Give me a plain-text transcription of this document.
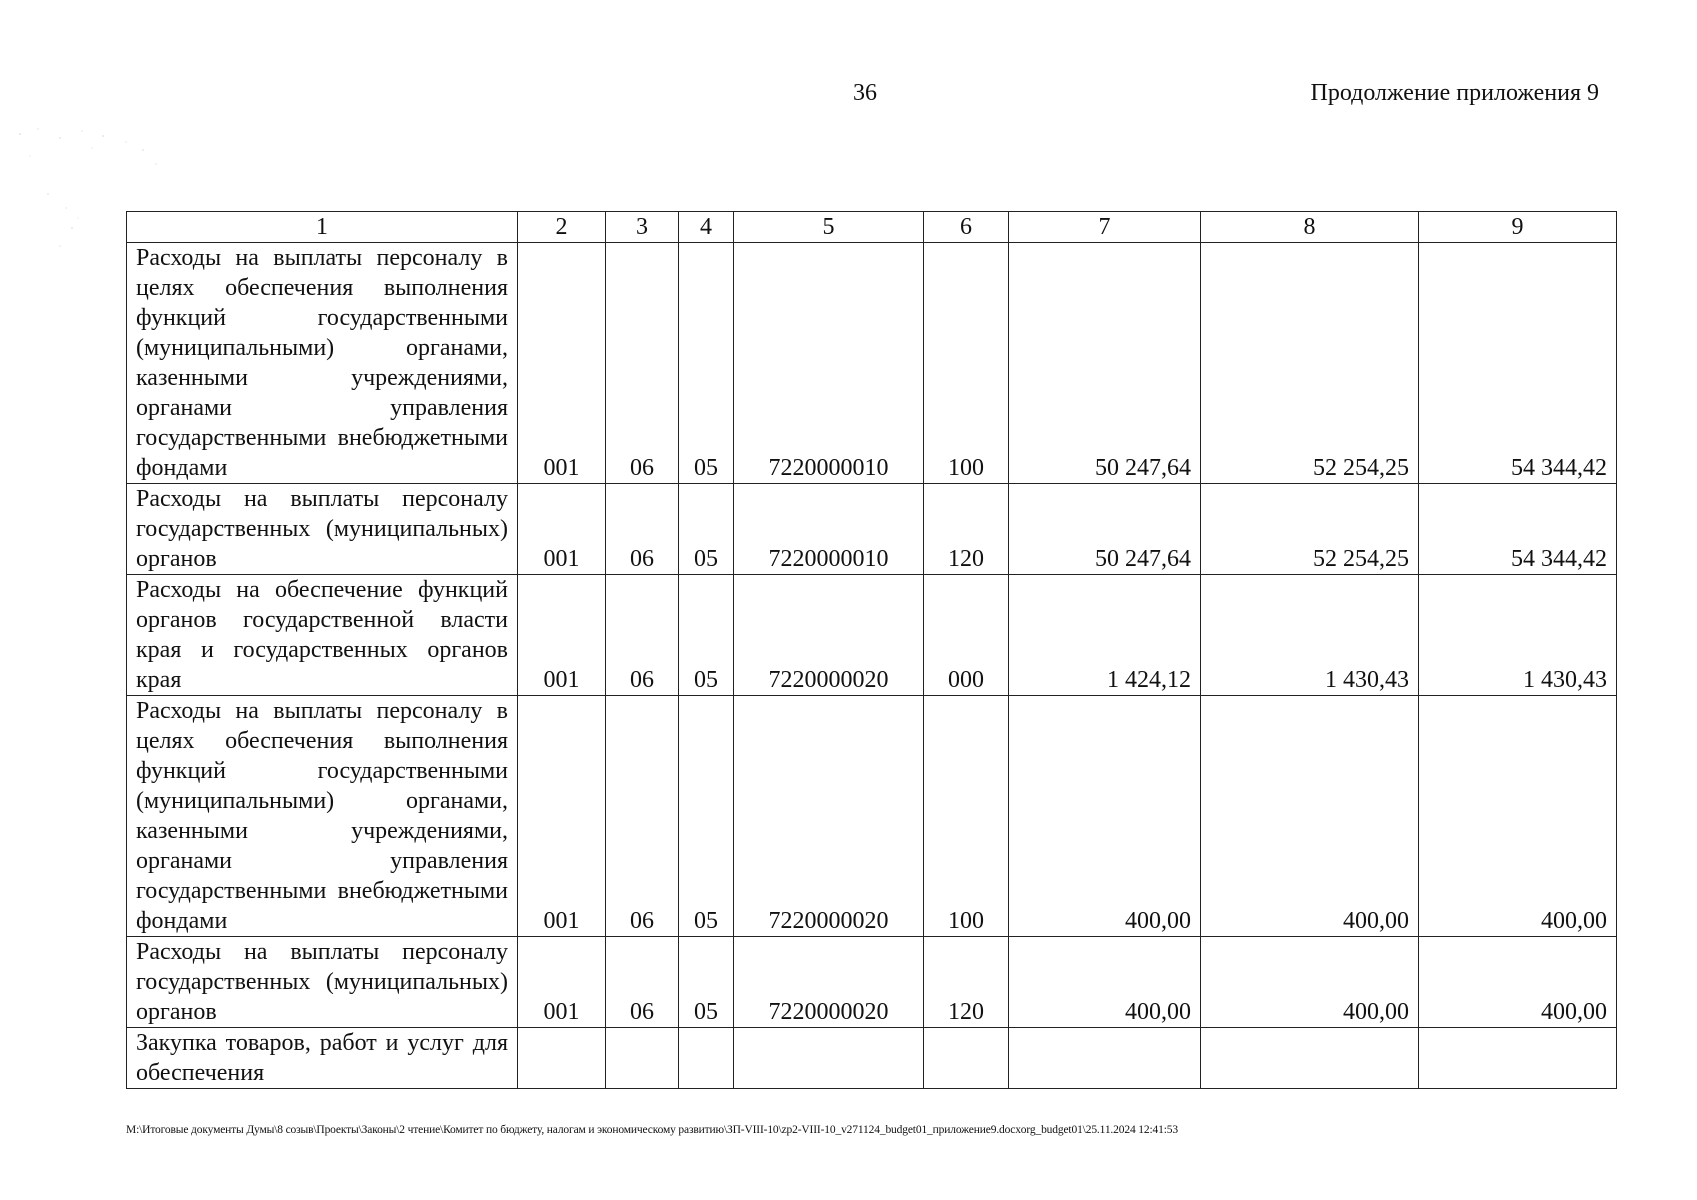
36	Продолжение приложения 9
1	2	3	4	5	6	7	8	9
Расходы на выплаты персоналу в целях обеспечения выполнения функций государственными (муниципальными) органами, казенными учреждениями, органами управления государственными внебюджетными фондами	001	06	05	7220000010	100	50 247,64	52 254,25	54 344,42
Расходы на выплаты персоналу государственных (муниципальных) органов	001	06	05	7220000010	120	50 247,64	52 254,25	54 344,42
Расходы на обеспечение функций органов государственной власти края и государственных органов края	001	06	05	7220000020	000	1 424,12	1 430,43	1 430,43
Расходы на выплаты персоналу в целях обеспечения выполнения функций государственными (муниципальными) органами, казенными учреждениями, органами управления государственными внебюджетными фондами	001	06	05	7220000020	100	400,00	400,00	400,00
Расходы на выплаты персоналу государственных (муниципальных) органов	001	06	05	7220000020	120	400,00	400,00	400,00
Закупка товаров, работ и услуг для обеспечения								
M:\Итоговые документы Думы\8 созыв\Проекты\Законы\2 чтение\Комитет по бюджету, налогам и экономическому развитию\ЗП-VIII-10\zp2-VIII-10_v271124_budget01_приложение9.docxorg_budget01\25.11.2024 12:41:53
